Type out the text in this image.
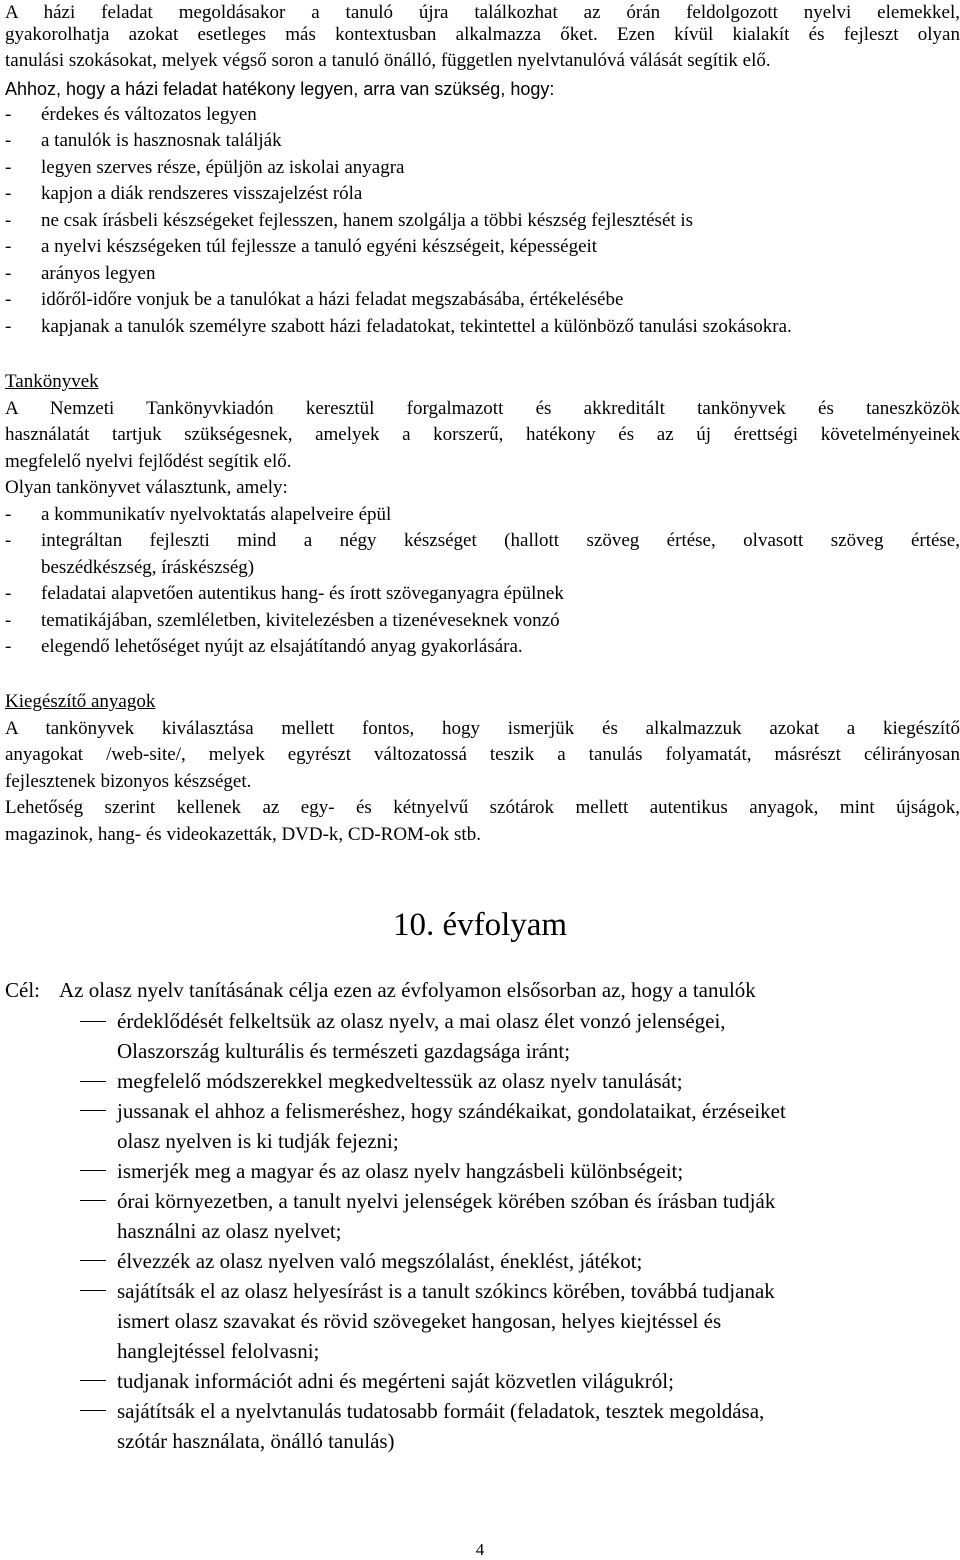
A házi feladat megoldásakor a tanuló újra találkozhat az órán feldolgozott nyelvi elemekkel,
gyakorolhatja azokat esetleges más kontextusban alkalmazza őket. Ezen kívül kialakít és fejleszt olyan
tanulási szokásokat, melyek végső soron a tanuló önálló, független nyelvtanulóvá válását segítik elő.
Ahhoz, hogy a házi feladat hatékony legyen, arra van szükség, hogy:
- érdekes és változatos legyen
- a tanulók is hasznosnak találják
- legyen szerves része, épüljön az iskolai anyagra
- kapjon a diák rendszeres visszajelzést róla
- ne csak írásbeli készségeket fejlesszen, hanem szolgálja a többi készség fejlesztését is
- a nyelvi készségeken túl fejlessze a tanuló egyéni készségeit, képességeit
- arányos legyen
- időről-időre vonjuk be a tanulókat a házi feladat megszabásába, értékelésébe
- kapjanak a tanulók személyre szabott házi feladatokat, tekintettel a különböző tanulási szokásokra.
Tankönyvek
A Nemzeti Tankönyvkiadón keresztül forgalmazott és akkreditált tankönyvek és taneszközök
használatát tartjuk szükségesnek, amelyek a korszerű, hatékony és az új érettségi követelményeinek
megfelelő nyelvi fejlődést segítik elő.
Olyan tankönyvet választunk, amely:
- a kommunikatív nyelvoktatás alapelveire épül
- integráltan fejleszti mind a négy készséget (hallott szöveg értése, olvasott szöveg értése,
beszédkészség, íráskészség)
- feladatai alapvetően autentikus hang- és írott szöveganyagra épülnek
- tematikájában, szemléletben, kivitelezésben a tizenéveseknek vonzó
- elegendő lehetőséget nyújt az elsajátítandó anyag gyakorlására.
Kiegészítő anyagok
A tankönyvek kiválasztása mellett fontos, hogy ismerjük és alkalmazzuk azokat a kiegészítő
anyagokat /web-site/, melyek egyrészt változatossá teszik a tanulás folyamatát, másrészt célirányosan
fejlesztenek bizonyos készséget.
Lehetőség szerint kellenek az egy- és kétnyelvű szótárok mellett autentikus anyagok, mint újságok,
magazinok, hang- és videokazetták, DVD-k, CD-ROM-ok stb.
10. évfolyam
Cél: Az olasz nyelv tanításának célja ezen az évfolyamon elsősorban az, hogy a tanulók
érdeklődését felkeltsük az olasz nyelv, a mai olasz élet vonzó jelenségei,
Olaszország kulturális és természeti gazdagsága iránt;
megfelelő módszerekkel megkedveltessük az olasz nyelv tanulását;
jussanak el ahhoz a felismeréshez, hogy szándékaikat, gondolataikat, érzéseiket
olasz nyelven is ki tudják fejezni;
ismerjék meg a magyar és az olasz nyelv hangzásbeli különbségeit;
órai környezetben, a tanult nyelvi jelenségek körében szóban és írásban tudják
használni az olasz nyelvet;
élvezzék az olasz nyelven való megszólalást, éneklést, játékot;
sajátítsák el az olasz helyesírást is a tanult szókincs körében, továbbá tudjanak
ismert olasz szavakat és rövid szövegeket hangosan, helyes kiejtéssel és
hanglejtéssel felolvasni;
tudjanak információt adni és megérteni saját közvetlen világukról;
sajátítsák el a nyelvtanulás tudatosabb formáit (feladatok, tesztek megoldása,
szótár használata, önálló tanulás)
4
